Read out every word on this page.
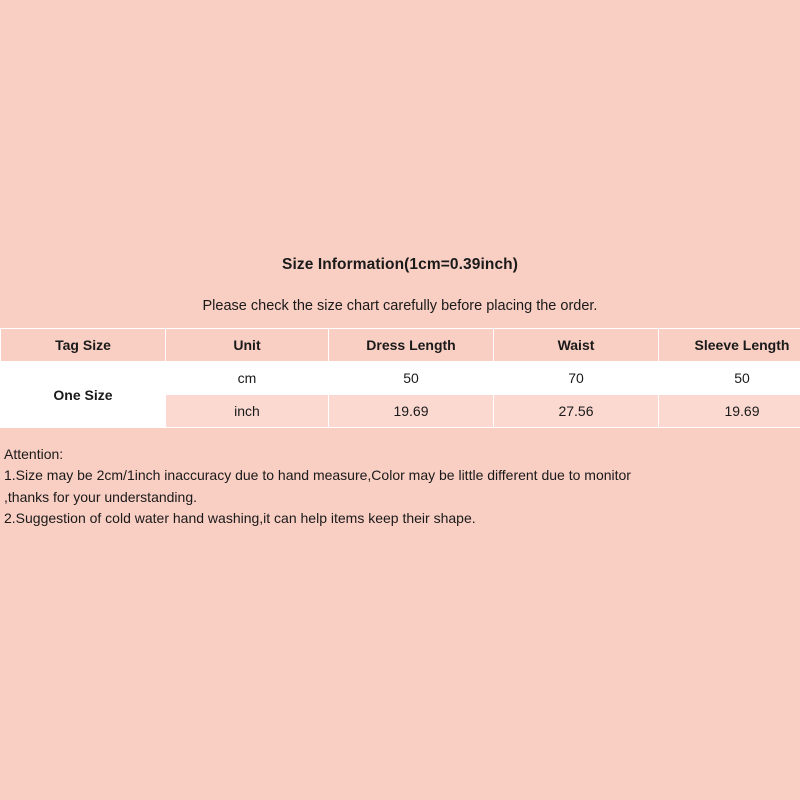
Size Information(1cm=0.39inch)
Please check the size chart carefully before placing the order.
Tag Size	Unit	Dress Length	Waist	Sleeve Length
One Size	cm	50	70	50
	inch	19.69	27.56	19.69
Attention:
1.Size may be 2cm/1inch inaccuracy due to hand measure,Color may be little different due to monitor
,thanks for your understanding.
2.Suggestion of cold water hand washing,it can help items keep their shape.
